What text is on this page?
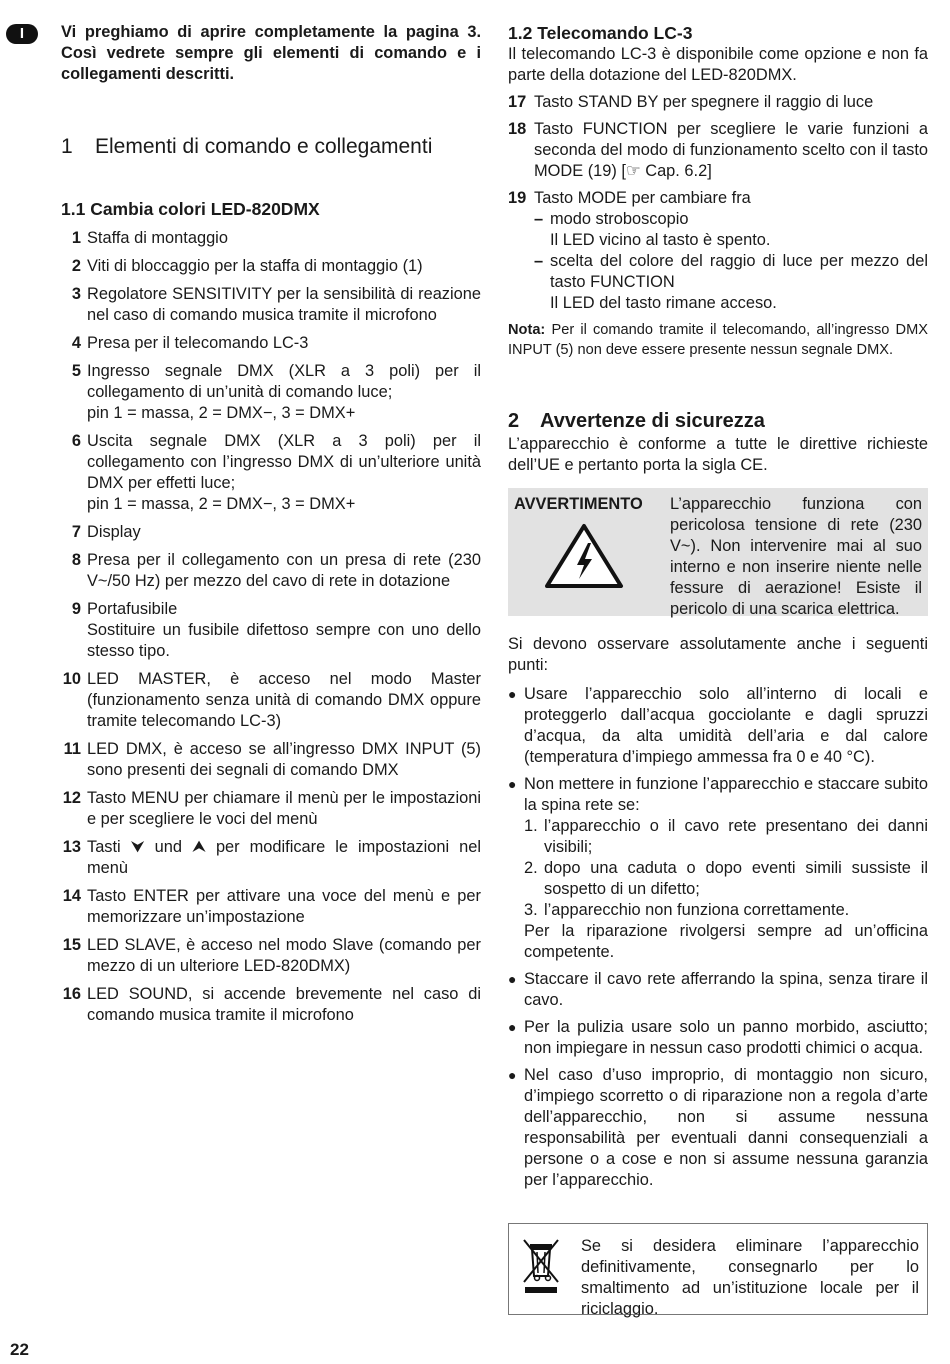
I
22

Vi preghiamo di aprire completamente la pagina 3. Così vedrete sempre gli elementi di comando e i collegamenti descritti.

1	Elementi di comando e collegamenti
1.1 Cambia colori LED-820DMX
1 Staffa di montaggio
2 Viti di bloccaggio per la staffa di montaggio (1)
3 Regolatore SENSITIVITY per la sensibilità di reazione nel caso di comando musica tramite il microfono
4 Presa per il telecomando LC-3
5 Ingresso segnale DMX (XLR a 3 poli) per il collegamento di un’unità di comando luce;
pin 1 = massa, 2 = DMX−, 3 = DMX+
6 Uscita segnale DMX (XLR a 3 poli) per il collegamento con l’ingresso DMX di un’ulteriore unità DMX per effetti luce;
pin 1 = massa, 2 = DMX−, 3 = DMX+
7 Display
8 Presa per il collegamento con un presa di rete (230 V~/50 Hz) per mezzo del cavo di rete in dotazione
9 Portafusibile
Sostituire un fusibile difettoso sempre con uno dello stesso tipo.
10 LED MASTER, è acceso nel modo Master (funzionamento senza unità di comando DMX oppure tramite telecomando LC-3)
11 LED DMX, è acceso se all’ingresso DMX INPUT (5) sono presenti dei segnali di comando DMX
12 Tasto MENU per chiamare il menù per le impostazioni e per scegliere le voci del menù
13 Tasti ⮟ und ⮝ per modificare le impostazioni nel menù
14 Tasto ENTER per attivare una voce del menù e per memorizzare un’impostazione
15 LED SLAVE, è acceso nel modo Slave (comando per mezzo di un ulteriore LED-820DMX)
16 LED SOUND, si accende brevemente nel caso di comando musica tramite il microfono
1.2 Telecomando LC-3

Il telecomando LC-3 è disponibile come opzione e non fa parte della dotazione del LED-820DMX.

17 Tasto STAND BY per spegnere il raggio di luce
18 Tasto FUNCTION per scegliere le varie funzioni a seconda del modo di funzionamento scelto con il tasto MODE (19) [☞ Cap. 6.2]
19 Tasto MODE per cambiare fra
– modo stroboscopio
Il LED vicino al tasto è spento.
– scelta del colore del raggio di luce per mezzo del tasto FUNCTION
Il LED del tasto rimane acceso.

Nota: Per il comando tramite il telecomando, all’ingresso DMX INPUT (5) non deve essere presente nessun segnale DMX.

2	Avvertenze di sicurezza

L’apparecchio è conforme a tutte le direttive richieste dell’UE e pertanto porta la sigla CE.

AVVERTIMENTO	L’apparecchio funziona con pericolosa tensione di rete (230 V~). Non intervenire mai al suo interno e non inserire niente nelle fessure di aerazione! Esiste il pericolo di una scarica elettrica.

Si devono osservare assolutamente anche i seguenti punti:

● Usare l’apparecchio solo all’interno di locali e proteggerlo dall’acqua gocciolante e dagli spruzzi d’acqua, da alta umidità dell’aria e dal calore (temperatura d’impiego ammessa fra 0 e 40 °C).
● Non mettere in funzione l’apparecchio e staccare subito la spina rete se:
1. l’apparecchio o il cavo rete presentano dei danni visibili;
2. dopo una caduta o dopo eventi simili sussiste il sospetto di un difetto;
3. l’apparecchio non funziona correttamente.
Per la riparazione rivolgersi sempre ad un’officina competente.
● Staccare il cavo rete afferrando la spina, senza tirare il cavo.
● Per la pulizia usare solo un panno morbido, asciutto; non impiegare in nessun caso prodotti chimici o acqua.
● Nel caso d’uso improprio, di montaggio non sicuro, d’impiego scorretto o di riparazione non a regola d’arte dell’apparecchio, non si assume nessuna responsabilità per eventuali danni consequenziali a persone o a cose e non si assume nessuna garanzia per l’apparecchio.
Se si desidera eliminare l’apparecchio definitivamente, consegnarlo per lo smaltimento ad un’istituzione locale per il riciclaggio.
